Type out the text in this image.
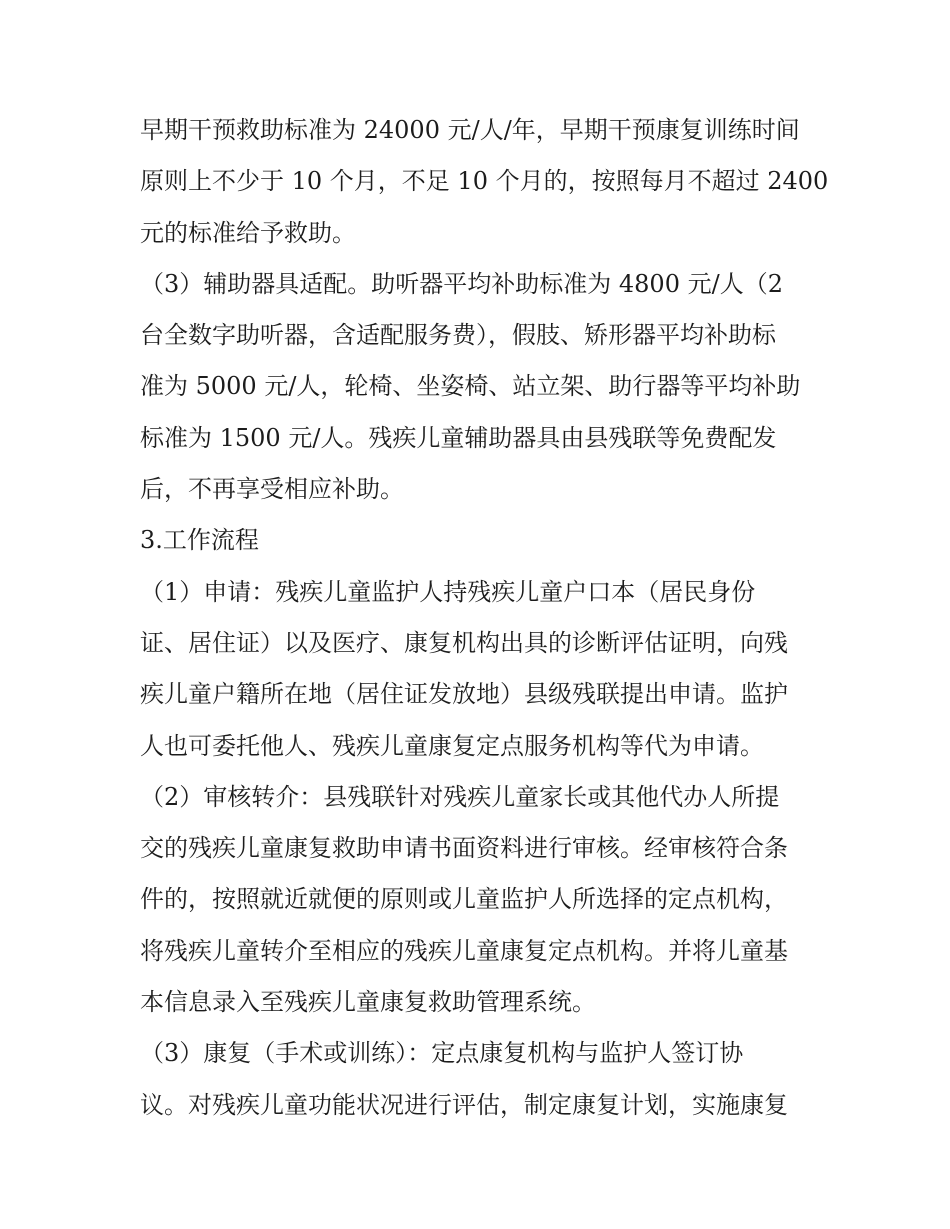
早期干预救助标准为 24000 元/人/年，早期干预康复训练时间
原则上不少于 10 个月，不足 10 个月的，按照每月不超过 2400
元的标准给予救助。
（3）辅助器具适配。助听器平均补助标准为 4800 元/人（2
台全数字助听器，含适配服务费），假肢、矫形器平均补助标
准为 5000 元/人，轮椅、坐姿椅、站立架、助行器等平均补助
标准为 1500 元/人。残疾儿童辅助器具由县残联等免费配发
后，不再享受相应补助。
3.工作流程
（1）申请：残疾儿童监护人持残疾儿童户口本（居民身份
证、居住证）以及医疗、康复机构出具的诊断评估证明，向残
疾儿童户籍所在地（居住证发放地）县级残联提出申请。监护
人也可委托他人、残疾儿童康复定点服务机构等代为申请。
（2）审核转介：县残联针对残疾儿童家长或其他代办人所提
交的残疾儿童康复救助申请书面资料进行审核。经审核符合条
件的，按照就近就便的原则或儿童监护人所选择的定点机构，
将残疾儿童转介至相应的残疾儿童康复定点机构。并将儿童基
本信息录入至残疾儿童康复救助管理系统。
（3）康复（手术或训练）：定点康复机构与监护人签订协
议。对残疾儿童功能状况进行评估，制定康复计划，实施康复
